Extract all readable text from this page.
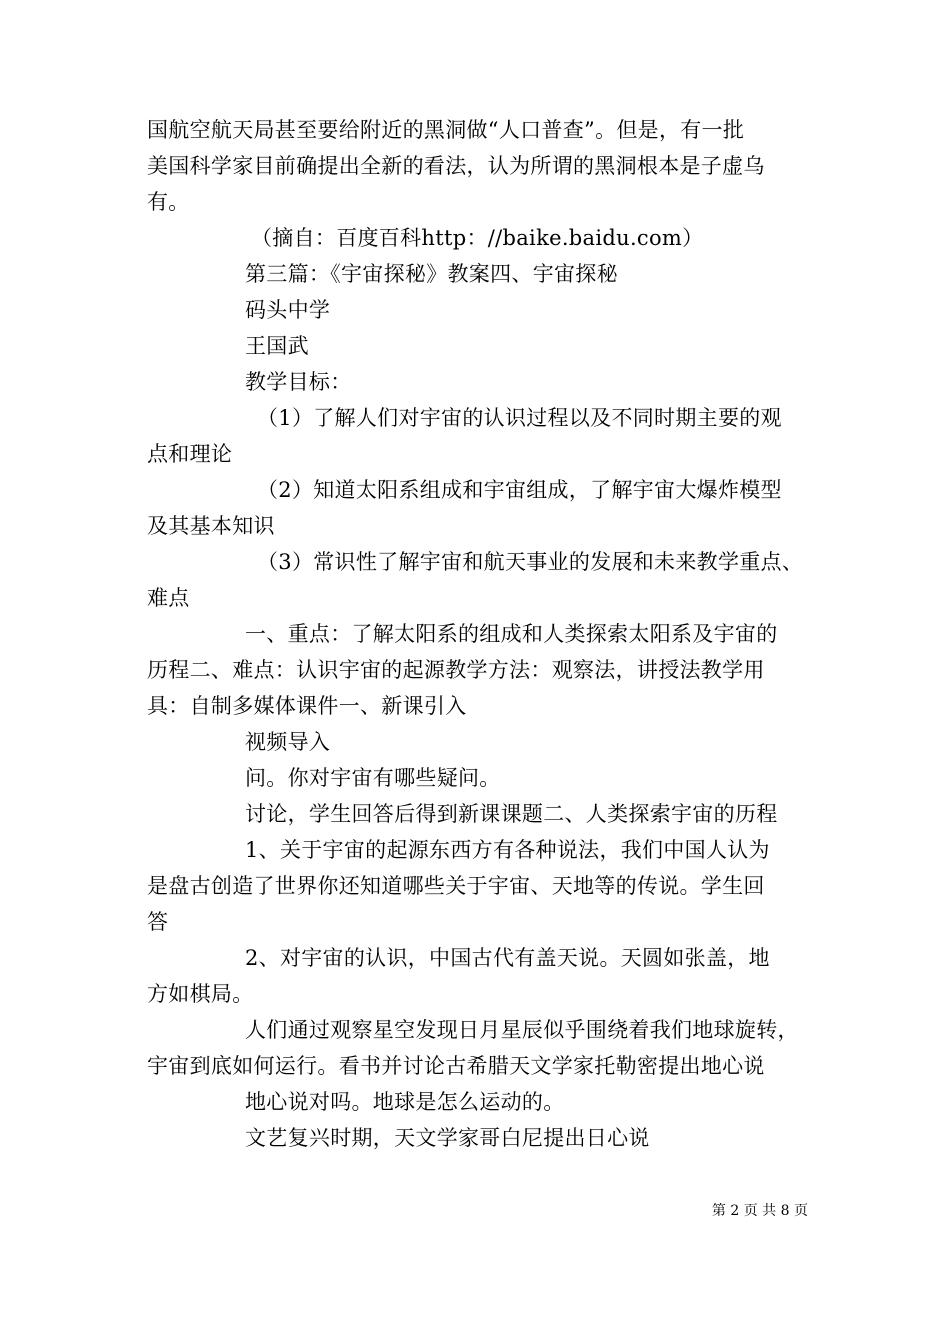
国航空航天局甚至要给附近的黑洞做“人口普查”。但是，有一批
美国科学家目前确提出全新的看法，认为所谓的黑洞根本是子虚乌
有。
（摘自：百度百科http：//baike.baidu.com）
第三篇：《宇宙探秘》教案四、宇宙探秘
码头中学
王国武
教学目标：
（1）了解人们对宇宙的认识过程以及不同时期主要的观
点和理论
（2）知道太阳系组成和宇宙组成，了解宇宙大爆炸模型
及其基本知识
（3）常识性了解宇宙和航天事业的发展和未来教学重点、
难点
一、重点：了解太阳系的组成和人类探索太阳系及宇宙的
历程二、难点：认识宇宙的起源教学方法：观察法，讲授法教学用
具：自制多媒体课件一、新课引入
视频导入
问。你对宇宙有哪些疑问。
讨论，学生回答后得到新课课题二、人类探索宇宙的历程
1、关于宇宙的起源东西方有各种说法，我们中国人认为
是盘古创造了世界你还知道哪些关于宇宙、天地等的传说。学生回
答
2、对宇宙的认识，中国古代有盖天说。天圆如张盖，地
方如棋局。
人们通过观察星空发现日月星辰似乎围绕着我们地球旋转，
宇宙到底如何运行。看书并讨论古希腊天文学家托勒密提出地心说
地心说对吗。地球是怎么运动的。
文艺复兴时期，天文学家哥白尼提出日心说
第 2 页 共 8 页
